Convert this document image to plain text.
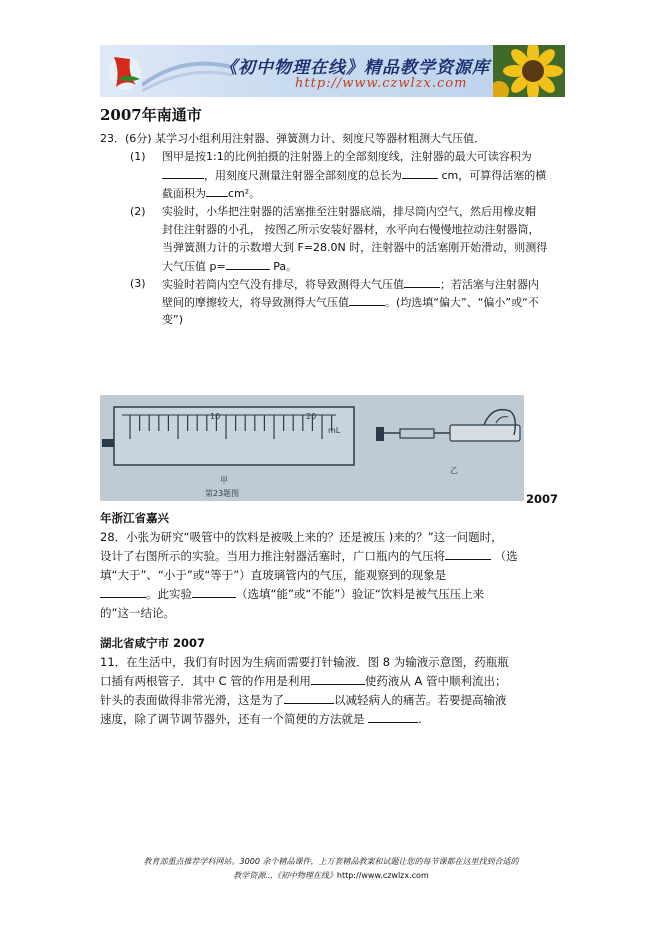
《初中物理在线》精品教学资源库
http://www.czwlzx.com
2007年南通市
23．(6分) 某学习小组利用注射器、弹簧测力计、刻度尺等器材粗测大气压值．
(1) 图甲是按1:1的比例拍摄的注射器上的全部刻度线，注射器的最大可读容积为
，用刻度尺测量注射器全部刻度的总长为	cm，可算得活塞的横
截面积为 cm²。
(2) 实验时，小华把注射器的活塞推至注射器底端，排尽筒内空气，然后用橡皮帽
封住注射器的小孔， 按图乙所示安装好器材，水平向右慢慢地拉动注射器筒，
当弹簧测力计的示数增大到 F=28.0N 时，注射器中的活塞刚开始滑动，则测得
大气压值 p=	Pa。
(3) 实验时若筒内空气没有排尽，将导致测得大气压值	；若活塞与注射器内
壁间的摩擦较大，将导致测得大气压值	。(均选填“偏大”、“偏小”或“不
变”)
mL
10	20
甲
第23题图
乙
2007
年浙江省嘉兴
28．小张为研究“吸管中的饮料是被吸上来的？还是被压 )来的？”这一问题时，
设计了右图所示的实验。当用力推注射器活塞时，广口瓶内的气压将	（选
填“大于”、“小于”或“等于”）直玻璃管内的气压，能观察到的现象是
。此实验	（选填“能”或“不能”）验证“饮料是被气压压上来
的”这一结论。
湖北省咸宁市 2007
11．在生活中，我们有时因为生病而需要打针输液．图 8 为输液示意图，药瓶瓶
口插有两根管子．其中 C 管的作用是利用	使药液从 A 管中顺利流出；
针头的表面做得非常光滑，这是为了	以减轻病人的痛苦。若要提高输液
速度，除了调节调节器外，还有一个简便的方法就是	.
教育部重点推荐学科网站。3000 余个精品课件，上万套精品教案和试题让您的每节课都在这里找到合适的
教学资源...《初中物理在线》http://www.czwlzx.com
